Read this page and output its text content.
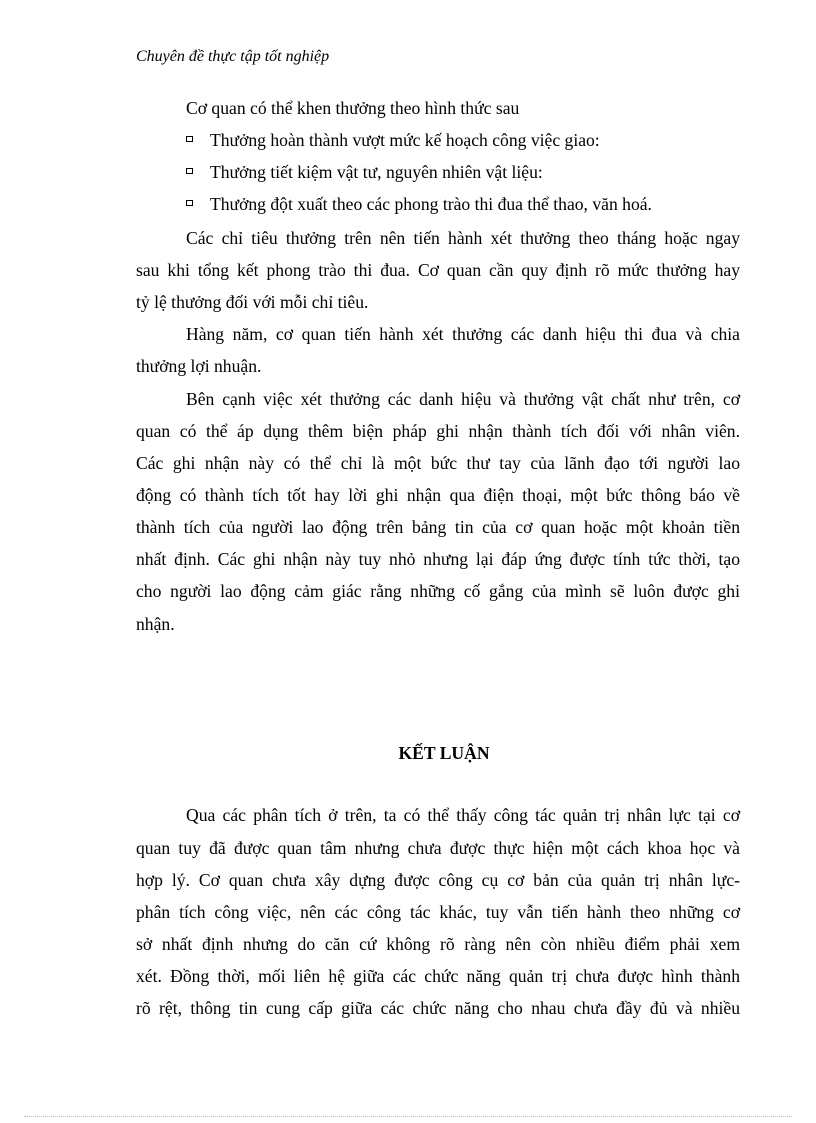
Chuyên đề thực tập tốt nghiệp
Cơ quan có thể khen thưởng theo hình thức sau
Thưởng hoàn thành vượt mức kế hoạch công việc giao:
Thưởng tiết kiệm vật tư, nguyên nhiên vật liệu:
Thưởng đột xuất theo các phong trào thi đua thể thao, văn hoá.
Các chỉ tiêu thưởng trên nên tiến hành xét thưởng theo tháng hoặc ngay
sau khi tổng kết phong trào thi đua. Cơ quan cần quy định rõ mức thưởng hay
tỷ lệ thưởng đối với mỗi chỉ tiêu.
Hàng năm, cơ quan tiến hành xét thưởng các danh hiệu thi đua và chia
thưởng lợi nhuận.
Bên cạnh việc xét thưởng các danh hiệu và thưởng vật chất như trên, cơ
quan có thể áp dụng thêm biện pháp ghi nhận thành tích đối với nhân viên.
Các ghi nhận này có thể chỉ là một bức thư tay của lãnh đạo tới người lao
động có thành tích tốt hay lời ghi nhận qua điện thoại, một bức thông báo về
thành tích của người lao động trên bảng tin của cơ quan hoặc một khoản tiền
nhất định. Các ghi nhận này tuy nhỏ nhưng lại đáp ứng được tính tức thời, tạo
cho người lao động cảm giác rằng những cố gắng của mình sẽ luôn được ghi
nhận.
KẾT LUẬN
Qua các phân tích ở trên, ta có thể thấy công tác quản trị nhân lực tại cơ
quan tuy đã được quan tâm nhưng chưa được thực hiện một cách khoa học và
hợp lý. Cơ quan chưa xây dựng được công cụ cơ bản của quản trị nhân lực-
phân tích công việc, nên các công tác khác, tuy vẫn tiến hành theo những cơ
sở nhất định nhưng do căn cứ không rõ ràng nên còn nhiều điểm phải xem
xét. Đồng thời, mối liên hệ giữa các chức năng quản trị chưa được hình thành
rõ rệt, thông tin cung cấp giữa các chức năng cho nhau chưa đầy đủ và nhiều
